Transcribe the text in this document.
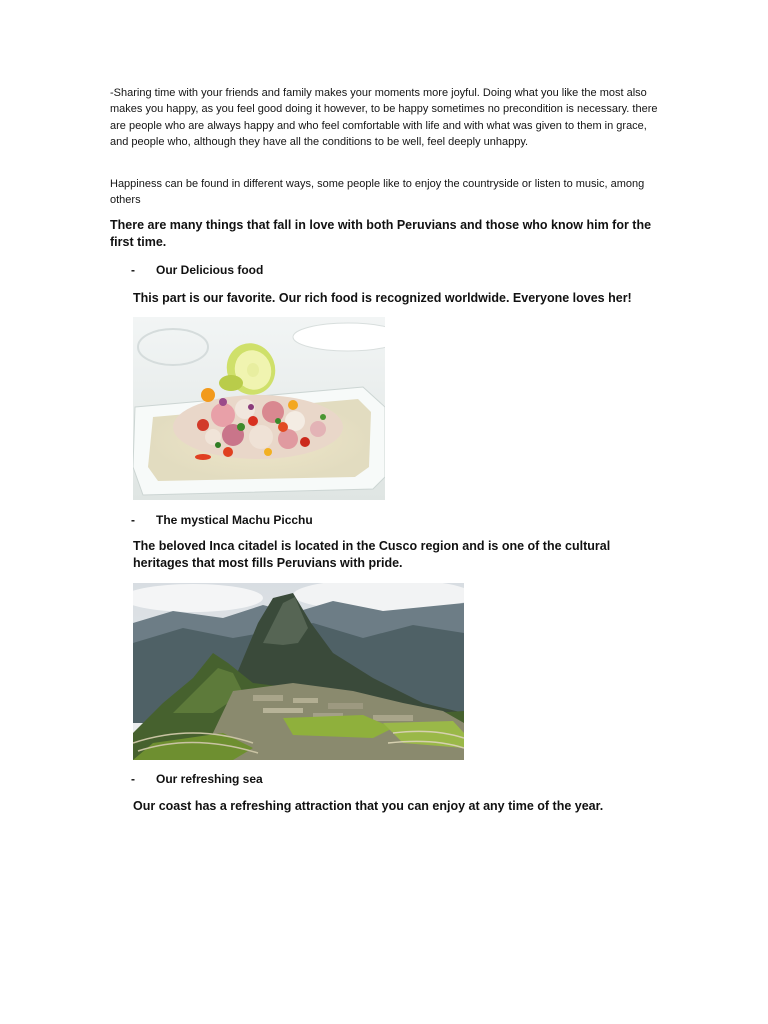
-Sharing time with your friends and family makes your moments more joyful. Doing what you like the most also makes you happy, as you feel good doing it however, to be happy sometimes no precondition is necessary. there are people who are always happy and who feel comfortable with life and with what was given to them in grace, and people who, although they have all the conditions to be well, feel deeply unhappy.

Happiness can be found in different ways, some people like to enjoy the countryside or listen to music, among others

There are many things that fall in love with both Peruvians and those who know him for the first time.

- Our Delicious food

This part is our favorite. Our rich food is recognized worldwide. Everyone loves her!

- The mystical Machu Picchu

The beloved Inca citadel is located in the Cusco region and is one of the cultural heritages that most fills Peruvians with pride.

- Our refreshing sea

Our coast has a refreshing attraction that you can enjoy at any time of the year.
